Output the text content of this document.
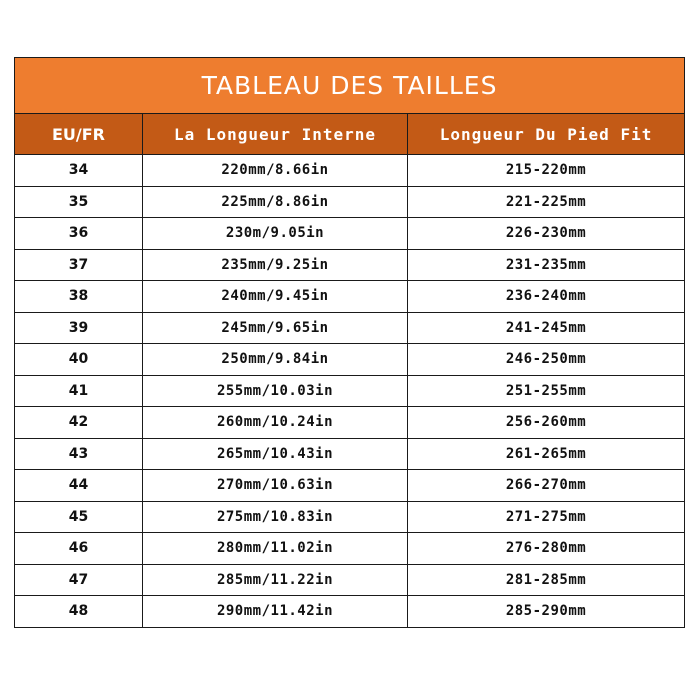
TABLEAU DES TAILLES		
EU/FR	La Longueur Interne	Longueur Du Pied Fit
34	220mm/8.66in	215-220mm
35	225mm/8.86in	221-225mm
36	230m/9.05in	226-230mm
37	235mm/9.25in	231-235mm
38	240mm/9.45in	236-240mm
39	245mm/9.65in	241-245mm
40	250mm/9.84in	246-250mm
41	255mm/10.03in	251-255mm
42	260mm/10.24in	256-260mm
43	265mm/10.43in	261-265mm
44	270mm/10.63in	266-270mm
45	275mm/10.83in	271-275mm
46	280mm/11.02in	276-280mm
47	285mm/11.22in	281-285mm
48	290mm/11.42in	285-290mm
